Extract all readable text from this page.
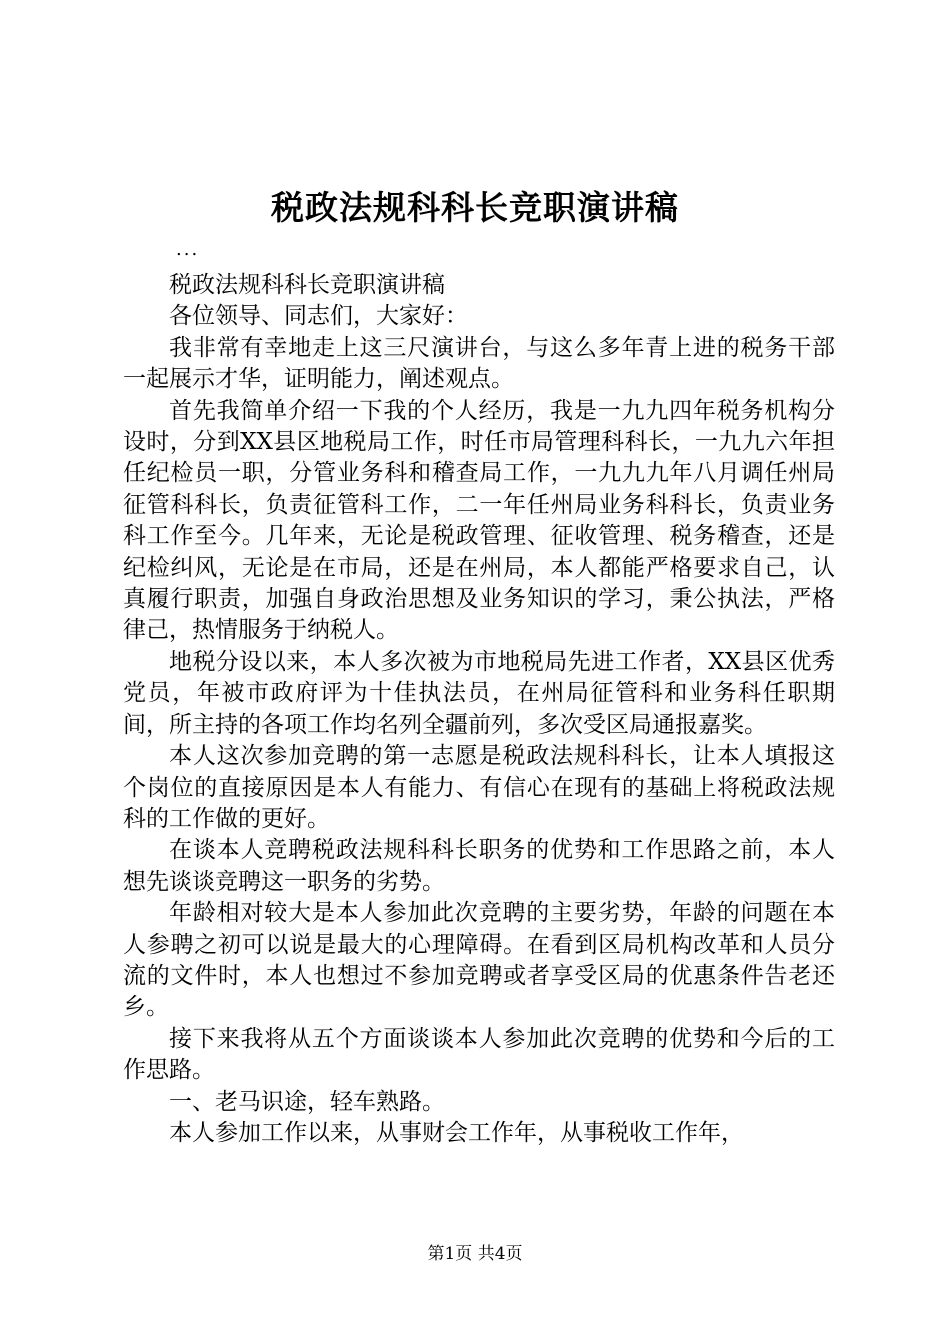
税政法规科科长竞职演讲稿
...

税政法规科科长竞职演讲稿

各位领导、同志们，大家好：

我非常有幸地走上这三尺演讲台，与这么多年青上进的税务干部一起展示才华，证明能力，阐述观点。

首先我简单介绍一下我的个人经历，我是一九九四年税务机构分设时，分到XX县区地税局工作，时任市局管理科科长，一九九六年担任纪检员一职，分管业务科和稽查局工作，一九九九年八月调任州局征管科科长，负责征管科工作，二一年任州局业务科科长，负责业务科工作至今。几年来，无论是税政管理、征收管理、税务稽查，还是纪检纠风，无论是在市局，还是在州局，本人都能严格要求自己，认真履行职责，加强自身政治思想及业务知识的学习，秉公执法，严格律己，热情服务于纳税人。

地税分设以来，本人多次被为市地税局先进工作者，XX县区优秀党员，年被市政府评为十佳执法员，在州局征管科和业务科任职期间，所主持的各项工作均名列全疆前列，多次受区局通报嘉奖。

本人这次参加竞聘的第一志愿是税政法规科科长，让本人填报这个岗位的直接原因是本人有能力、有信心在现有的基础上将税政法规科的工作做的更好。

在谈本人竞聘税政法规科科长职务的优势和工作思路之前，本人想先谈谈竞聘这一职务的劣势。

年龄相对较大是本人参加此次竞聘的主要劣势，年龄的问题在本人参聘之初可以说是最大的心理障碍。在看到区局机构改革和人员分流的文件时，本人也想过不参加竞聘或者享受区局的优惠条件告老还乡。

接下来我将从五个方面谈谈本人参加此次竞聘的优势和今后的工作思路。

一、老马识途，轻车熟路。

本人参加工作以来，从事财会工作年，从事税收工作年，

第1页 共4页
